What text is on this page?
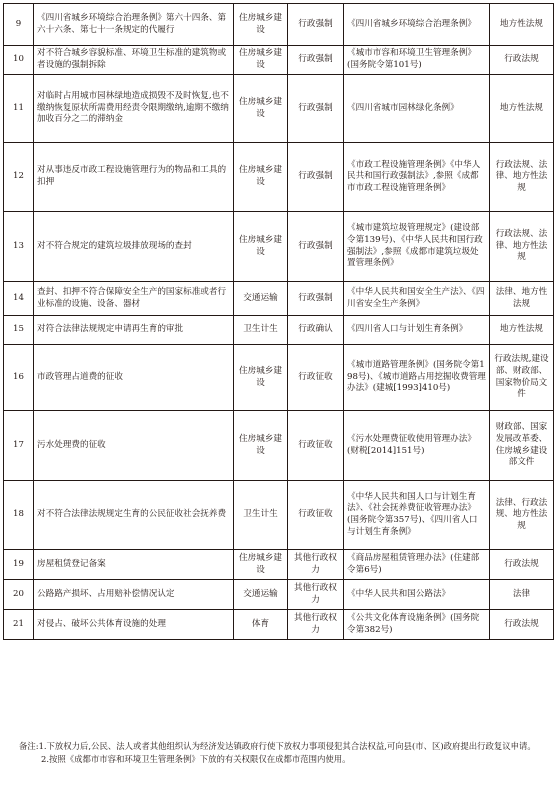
9	《四川省城乡环境综合治理条例》第六十四条、第六十六条、第七十一条规定的代履行	住房城乡建设	行政强制	《四川省城乡环境综合治理条例》	地方性法规
10	对不符合城乡容貌标准、环境卫生标准的建筑物或者设施的强制拆除	住房城乡建设	行政强制	《城市市容和环境卫生管理条例》(国务院令第101号)	行政法规
11	对临时占用城市园林绿地造成损毁不及时恢复,也不缴纳恢复原状所需费用经责令限期缴纳,逾期不缴纳加收百分之二的滞纳金	住房城乡建设	行政强制	《四川省城市园林绿化条例》	地方性法规
12	对从事违反市政工程设施管理行为的物品和工具的扣押	住房城乡建设	行政强制	《市政工程设施管理条例》《中华人民共和国行政强制法》,参照《成都市市政工程设施管理条例》	行政法规、法律、地方性法规
13	对不符合规定的建筑垃圾排放现场的查封	住房城乡建设	行政强制	《城市建筑垃圾管理规定》(建设部令第139号)、《中华人民共和国行政强制法》,参照《成都市建筑垃圾处置管理条例》	行政法规、法律、地方性法规
14	查封、扣押不符合保障安全生产的国家标准或者行业标准的设施、设备、器材	交通运输	行政强制	《中华人民共和国安全生产法》、《四川省安全生产条例》	法律、地方性法规
15	对符合法律法规规定申请再生育的审批	卫生计生	行政确认	《四川省人口与计划生育条例》	地方性法规
16	市政管理占道费的征收	住房城乡建设	行政征收	《城市道路管理条例》(国务院令第198号)、《城市道路占用挖掘收费管理办法》(建城[1993]410号)	行政法规,建设部、财政部、国家物价局文件
17	污水处理费的征收	住房城乡建设	行政征收	《污水处理费征收使用管理办法》(财税[2014]151号)	财政部、国家发展改革委、住房城乡建设部文件
18	对不符合法律法规规定生育的公民征收社会抚养费	卫生计生	行政征收	《中华人民共和国人口与计划生育法》、《社会抚养费征收管理办法》(国务院令第357号)、《四川省人口与计划生育条例》	法律、行政法规、地方性法规
19	房屋租赁登记备案	住房城乡建设	其他行政权力	《商品房屋租赁管理办法》(住建部令第6号)	行政法规
20	公路路产损坏、占用赔补偿情况认定	交通运输	其他行政权力	《中华人民共和国公路法》	法律
21	对侵占、破坏公共体育设施的处理	体育	其他行政权力	《公共文化体育设施条例》(国务院令第382号)	行政法规

备注:1.下放权力后,公民、法人或者其他组织认为经济发达镇政府行使下放权力事项侵犯其合法权益,可向县(市、区)政府提出行政复议申请。

2.按照《成都市市容和环境卫生管理条例》下放的有关权限仅在成都市范围内使用。
